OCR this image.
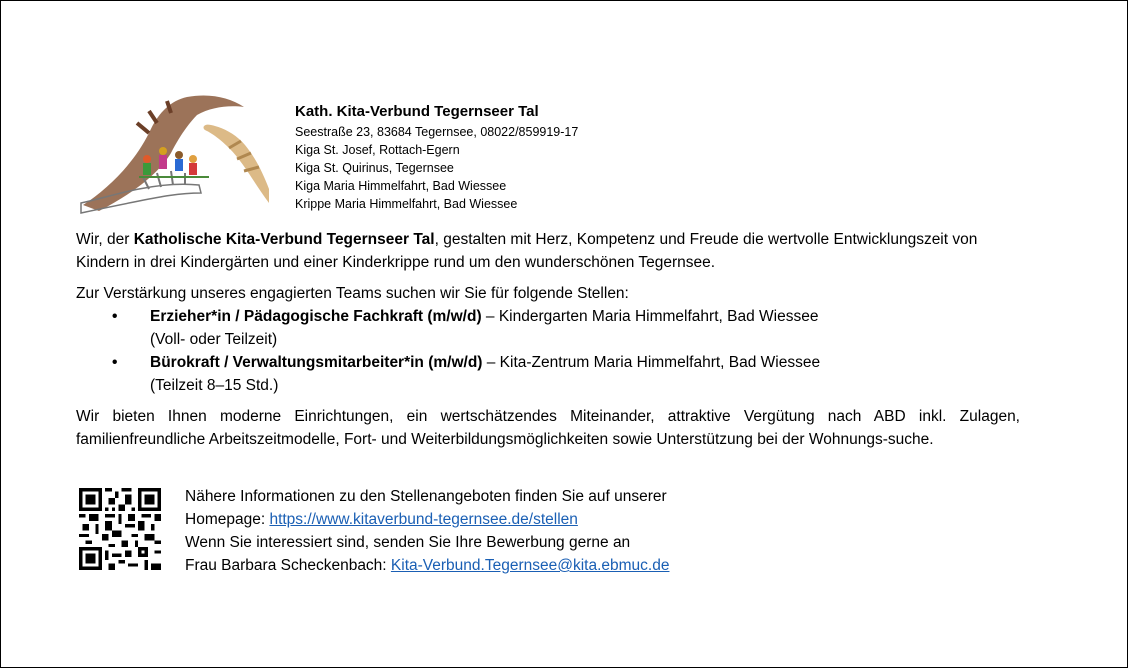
Kath. Kita-Verbund Tegernseer Tal
Seestraße 23, 83684 Tegernsee, 08022/859919-17
Kiga St. Josef, Rottach-Egern
Kiga St. Quirinus, Tegernsee
Kiga Maria Himmelfahrt, Bad Wiessee
Krippe Maria Himmelfahrt, Bad Wiessee

Wir, der Katholische Kita-Verbund Tegernseer Tal, gestalten mit Herz, Kompetenz und Freude die wertvolle Entwicklungszeit von Kindern in drei Kindergärten und einer Kinderkrippe rund um den wunderschönen Tegernsee.

Zur Verstärkung unseres engagierten Teams suchen wir Sie für folgende Stellen:
• Erzieher*in / Pädagogische Fachkraft (m/w/d) – Kindergarten Maria Himmelfahrt, Bad Wiessee
(Voll- oder Teilzeit)
• Bürokraft / Verwaltungsmitarbeiter*in (m/w/d) – Kita-Zentrum Maria Himmelfahrt, Bad Wiessee
(Teilzeit 8–15 Std.)

Wir bieten Ihnen moderne Einrichtungen, ein wertschätzendes Miteinander, attraktive Vergütung nach ABD inkl. Zulagen, familienfreundliche Arbeitszeitmodelle, Fort- und Weiterbildungsmöglichkeiten sowie Unterstützung bei der Wohnungs-suche.

Nähere Informationen zu den Stellenangeboten finden Sie auf unserer
Homepage: https://www.kitaverbund-tegernsee.de/stellen
Wenn Sie interessiert sind, senden Sie Ihre Bewerbung gerne an
Frau Barbara Scheckenbach: Kita-Verbund.Tegernsee@kita.ebmuc.de
